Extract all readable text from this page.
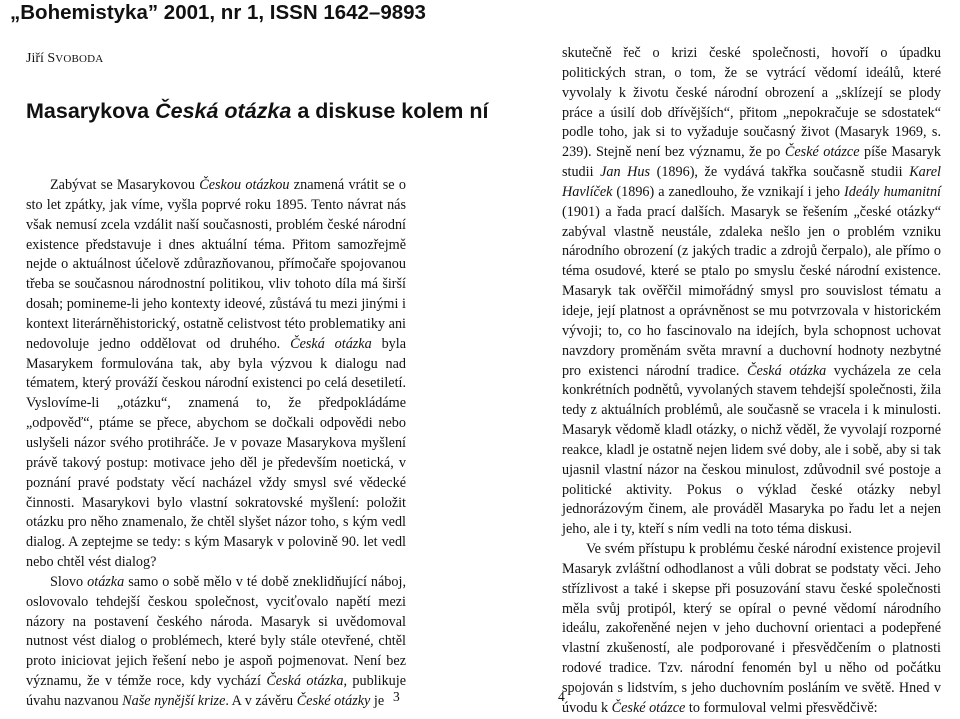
„Bohemistyka” 2001, nr 1, ISSN 1642–9893
Jiří SVOBODA
Masarykova Česká otázka a diskuse kolem ní

Zabývat se Masarykovou Českou otázkou znamená vrátit se o sto let zpátky, jak víme, vyšla poprvé roku 1895. Tento návrat nás však nemusí zcela vzdálit naší současnosti, problém české národní existence představuje i dnes aktuální téma. Přitom samozřejmě nejde o aktuálnost účelově zdůrazňovanou, přímočaře spojovanou třeba se současnou národnostní politikou, vliv tohoto díla má širší dosah; pomineme-li jeho kontexty ideové, zůstává tu mezi jinými i kontext literárněhistorický, ostatně celistvost této problematiky ani nedovoluje jedno oddělovat od druhého. Česká otázka byla Masarykem formulována tak, aby byla výzvou k dialogu nad tématem, který prováží českou národní existenci po celá desetiletí. Vyslovíme-li „otázku“, znamená to, že předpokládáme „odpověď“, ptáme se přece, abychom se dočkali odpovědi nebo uslyšeli názor svého protihráče. Je v povaze Masarykova myšlení právě takový postup: motivace jeho děl je především noetická, v poznání pravé podstaty věcí nacházel vždy smysl své vědecké činnosti. Masarykovi bylo vlastní sokratovské myšlení: položit otázku pro něho znamenalo, že chtěl slyšet názor toho, s kým vedl dialog. A zeptejme se tedy: s kým Masaryk v polovině 90. let vedl nebo chtěl vést dialog?

Slovo otázka samo o sobě mělo v té době zneklidňující náboj, oslovovalo tehdejší českou společnost, vyciťovalo napětí mezi názory na postavení českého národa. Masaryk si uvědomoval nutnost vést dialog o problémech, které byly stále otevřené, chtěl proto iniciovat jejich řešení nebo je aspoň pojmenovat. Není bez významu, že v témže roce, kdy vychází Česká otázka, publikuje úvahu nazvanou Naše nynější krize. A v závěru České otázky je

skutečně řeč o krizi české společnosti, hovoří o úpadku politických stran, o tom, že se vytrácí vědomí ideálů, které vyvolaly k životu české národní obrození a „sklízejí se plody práce a úsilí dob dřívějších“, přitom „nepokračuje se sdostatek“ podle toho, jak si to vyžaduje současný život (Masaryk 1969, s. 239). Stejně není bez významu, že po České otázce píše Masaryk studii Jan Hus (1896), že vydává takřka současně studii Karel Havlíček (1896) a zanedlouho, že vznikají i jeho Ideály humanitní (1901) a řada prací dalších. Masaryk se řešením „české otázky“ zabýval vlastně neustále, zdaleka nešlo jen o problém vzniku národního obrození (z jakých tradic a zdrojů čerpalo), ale přímo o téma osudové, které se ptalo po smyslu české národní existence. Masaryk tak ověřčil mimořádný smysl pro souvislost tématu a ideje, její platnost a oprávněnost se mu potvrzovala v historickém vývoji; to, co ho fascinovalo na idejích, byla schopnost uchovat navzdory proměnám světa mravní a duchovní hodnoty nezbytné pro existenci národní tradice. Česká otázka vycházela ze cela konkrétních podnětů, vyvolaných stavem tehdejší společnosti, žila tedy z aktuálních problémů, ale současně se vracela i k minulosti. Masaryk vědomě kladl otázky, o nichž věděl, že vyvolají rozporné reakce, kladl je ostatně nejen lidem své doby, ale i sobě, aby si tak ujasnil vlastní názor na českou minulost, zdůvodnil své postoje a politické aktivity. Pokus o výklad české otázky nebyl jednorázovým činem, ale prováděl Masaryka po řadu let a nejen jeho, ale i ty, kteří s ním vedli na toto téma diskusi.

Ve svém přístupu k problému české národní existence projevil Masaryk zvláštní odhodlanost a vůli dobrat se podstaty věci. Jeho střízlivost a také i skepse při posuzování stavu české společnosti měla svůj protipól, který se opíral o pevné vědomí národního ideálu, zakořeněné nejen v jeho duchovní orientaci a podepřené vlastní zkušeností, ale podporované i přesvědčením o platnosti rodové tradice. Tzv. národní fenomén byl u něho od počátku spojován s lidstvím, s jeho duchovním posláním ve světě. Hned v úvodu k České otázce to formuloval velmi přesvědčivě:

3	4
